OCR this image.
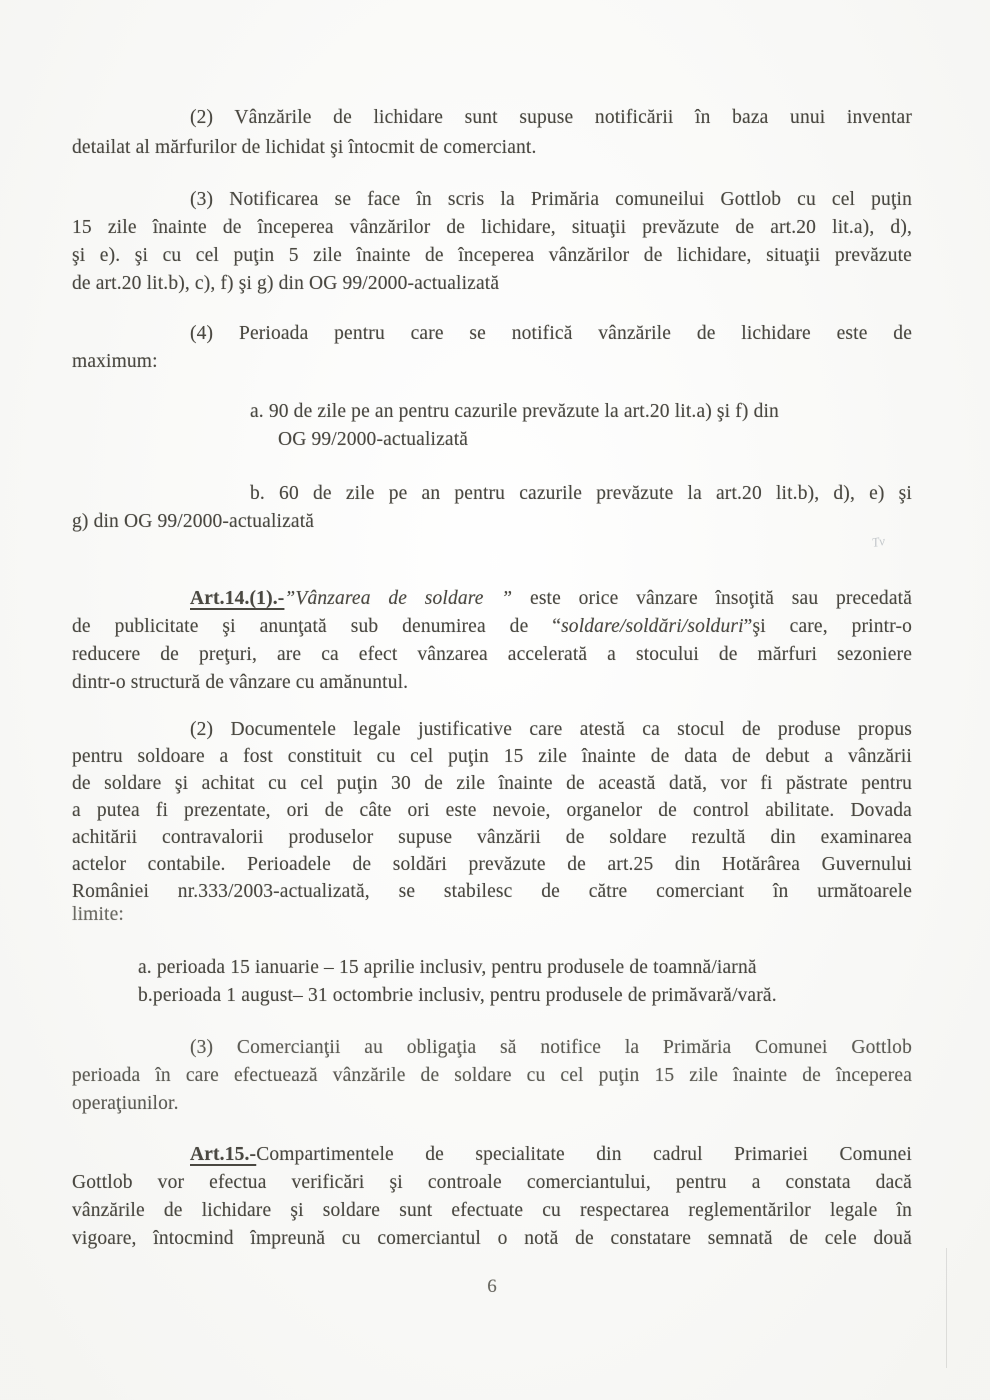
(2) Vânzările de lichidare sunt supuse notificării în baza unui inventar
detailat al mărfurilor de lichidat şi întocmit de comerciant.
(3) Notificarea se face în scris la Primăria comuneilui Gottlob cu cel puţin
15 zile înainte de începerea vânzărilor de lichidare, situaţii prevăzute de art.20 lit.a), d),
şi e). şi cu cel puţin 5 zile înainte de începerea vânzărilor de lichidare, situaţii prevăzute
de art.20 lit.b), c), f) şi g) din OG 99/2000-actualizată
(4) Perioada pentru care se notifică vânzările de lichidare este de
maximum:
a. 90 de zile pe an pentru cazurile prevăzute la art.20 lit.a) şi f) din
OG 99/2000-actualizată
b. 60 de zile pe an pentru cazurile prevăzute la art.20 lit.b), d), e) şi
g) din OG 99/2000-actualizată
Art.14.(1).-”Vânzarea de soldare ” este orice vânzare însoţită sau precedată
de publicitate şi anunţată sub denumirea de “soldare/soldări/solduri”şi care, printr-o
reducere de preţuri, are ca efect vânzarea accelerată a stocului de mărfuri sezoniere
dintr-o structură de vânzare cu amănuntul.
(2) Documentele legale justificative care atestă ca stocul de produse propus
pentru soldoare a fost constituit cu cel puţin 15 zile înainte de data de debut a vânzării
de soldare şi achitat cu cel puţin 30 de zile înainte de această dată, vor fi păstrate pentru
a putea fi prezentate, ori de câte ori este nevoie, organelor de control abilitate. Dovada
achitării contravalorii produselor supuse vânzării de soldare rezultă din examinarea
actelor contabile. Perioadele de soldări prevăzute de art.25 din Hotărârea Guvernului
României nr.333/2003-actualizată, se stabilesc de către comerciant în următoarele
limite:
a. perioada 15 ianuarie – 15 aprilie inclusiv, pentru produsele de toamnă/iarnă
b.perioada 1 august– 31 octombrie inclusiv, pentru produsele de primăvară/vară.
(3) Comercianţii au obligaţia să notifice la Primăria Comunei Gottlob
perioada în care efectuează vânzările de soldare cu cel puţin 15 zile înainte de începerea
operaţiunilor.
Art.15.-Compartimentele de specialitate din cadrul Primariei Comunei
Gottlob vor efectua verificări şi controale comerciantului, pentru a constata dacă
vânzările de lichidare şi soldare sunt efectuate cu respectarea reglementărilor legale în
vigoare, întocmind împreună cu comerciantul o notă de constatare semnată de cele două
Tv
6
